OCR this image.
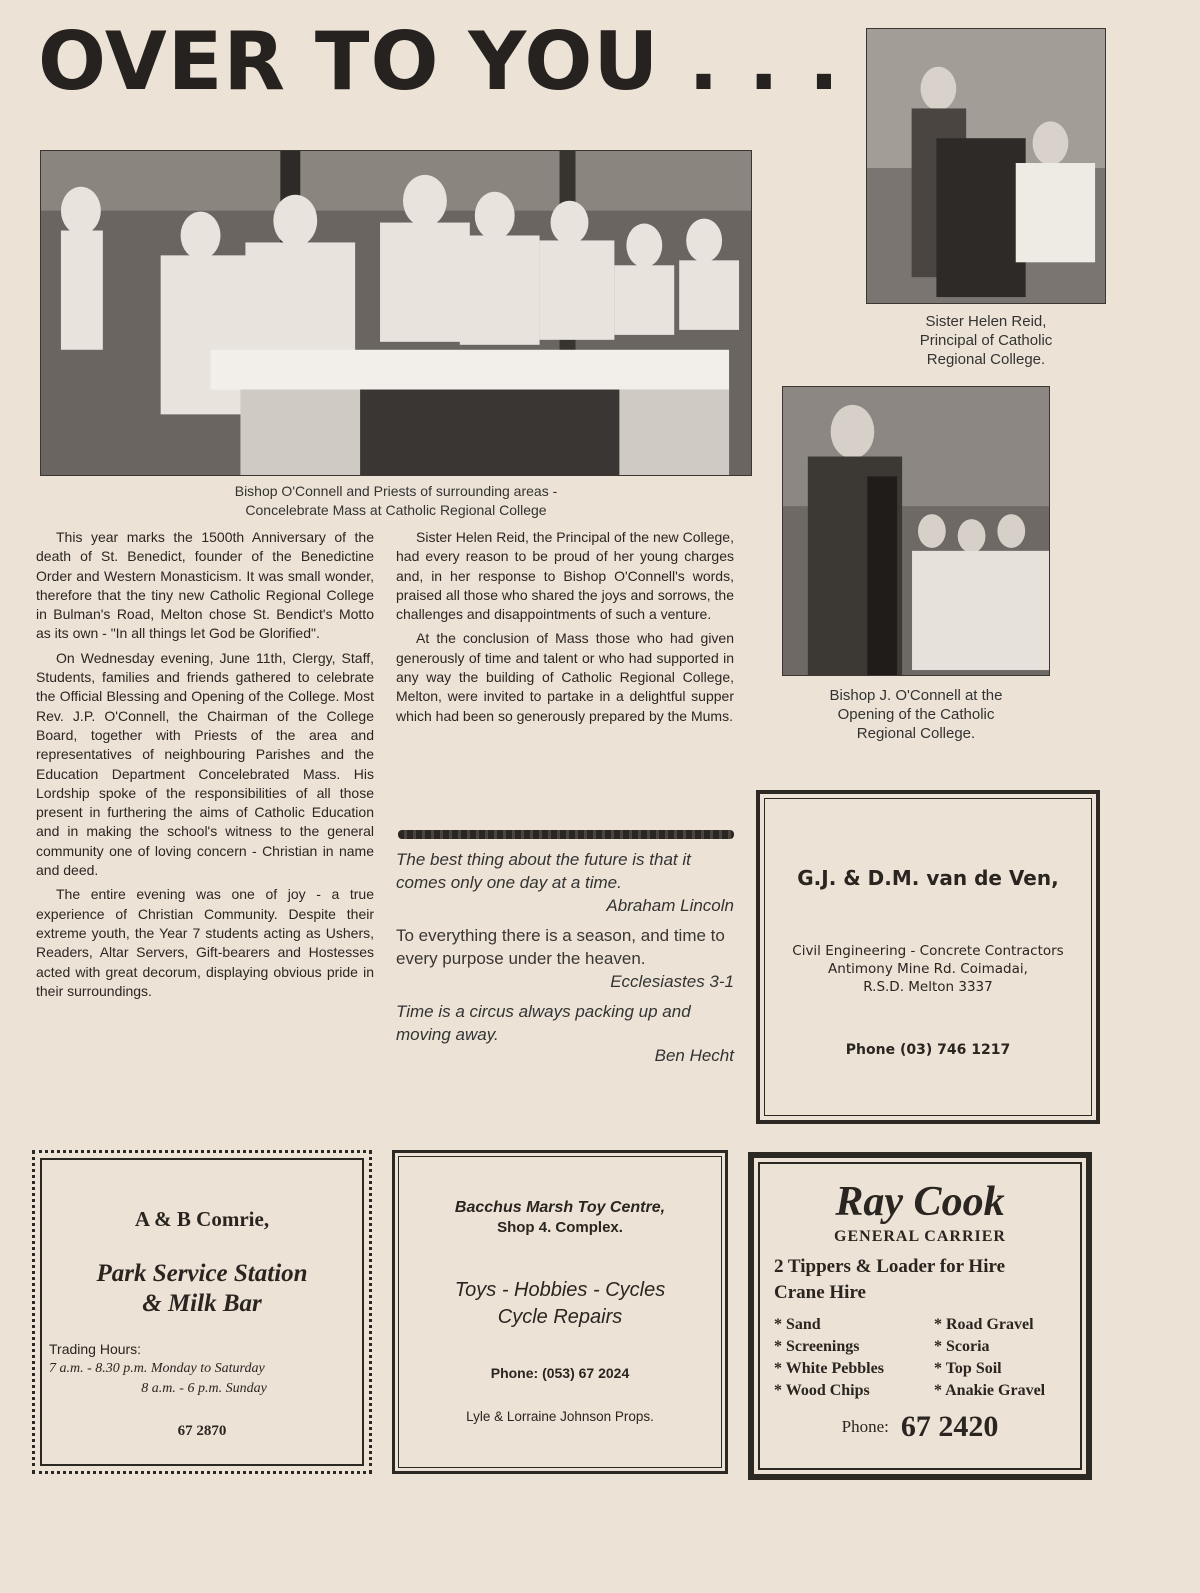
OVER TO YOU . . .
Bishop O'Connell and Priests of surrounding areas -
Concelebrate Mass at Catholic Regional College
Sister Helen Reid,
Principal of Catholic
Regional College.
Bishop J. O'Connell at the
Opening of the Catholic
Regional College.

This year marks the 1500th Anniversary of the death of St. Benedict, founder of the Benedictine Order and Western Monasticism. It was small wonder, therefore that the tiny new Catholic Regional College in Bulman's Road, Melton chose St. Bendict's Motto as its own - "In all things let God be Glorified".

On Wednesday evening, June 11th, Clergy, Staff, Students, families and friends gathered to celebrate the Official Blessing and Opening of the College. Most Rev. J.P. O'Connell, the Chairman of the College Board, together with Priests of the area and representatives of neighbouring Parishes and the Education Department Concelebrated Mass. His Lordship spoke of the responsibilities of all those present in furthering the aims of Catholic Education and in making the school's witness to the general community one of loving concern - Christian in name and deed.

The entire evening was one of joy - a true experience of Christian Community. Despite their extreme youth, the Year 7 students acting as Ushers, Readers, Altar Servers, Gift-bearers and Hostesses acted with great decorum, displaying obvious pride in their surroundings.

Sister Helen Reid, the Principal of the new College, had every reason to be proud of her young charges and, in her response to Bishop O'Connell's words, praised all those who shared the joys and sorrows, the challenges and disappointments of such a venture.

At the conclusion of Mass those who had given generously of time and talent or who had supported in any way the building of Catholic Regional College, Melton, were invited to partake in a delightful supper which had been so generously prepared by the Mums.

The best thing about the future is that it comes only one day at a time.
Abraham Lincoln
To everything there is a season, and time to every purpose under the heaven.
Ecclesiastes 3-1
Time is a circus always packing up and moving away.
Ben Hecht
G.J. & D.M. van de Ven,
Civil Engineering - Concrete Contractors
Antimony Mine Rd. Coimadai,
R.S.D. Melton 3337
Phone (03) 746 1217
A & B Comrie,
Park Service Station
& Milk Bar
Trading Hours:
7 a.m. - 8.30 p.m. Monday to Saturday
8 a.m. - 6 p.m. Sunday
67 2870
Bacchus Marsh Toy Centre,
Shop 4. Complex.
Toys - Hobbies - Cycles
Cycle Repairs
Phone: (053) 67 2024
Lyle & Lorraine Johnson Props.
Ray Cook
GENERAL CARRIER
2 Tippers & Loader for Hire
Crane Hire
* Sand
* Screenings
* White Pebbles
* Wood Chips
* Road Gravel
* Scoria
* Top Soil
* Anakie Gravel
Phone: 67 2420
